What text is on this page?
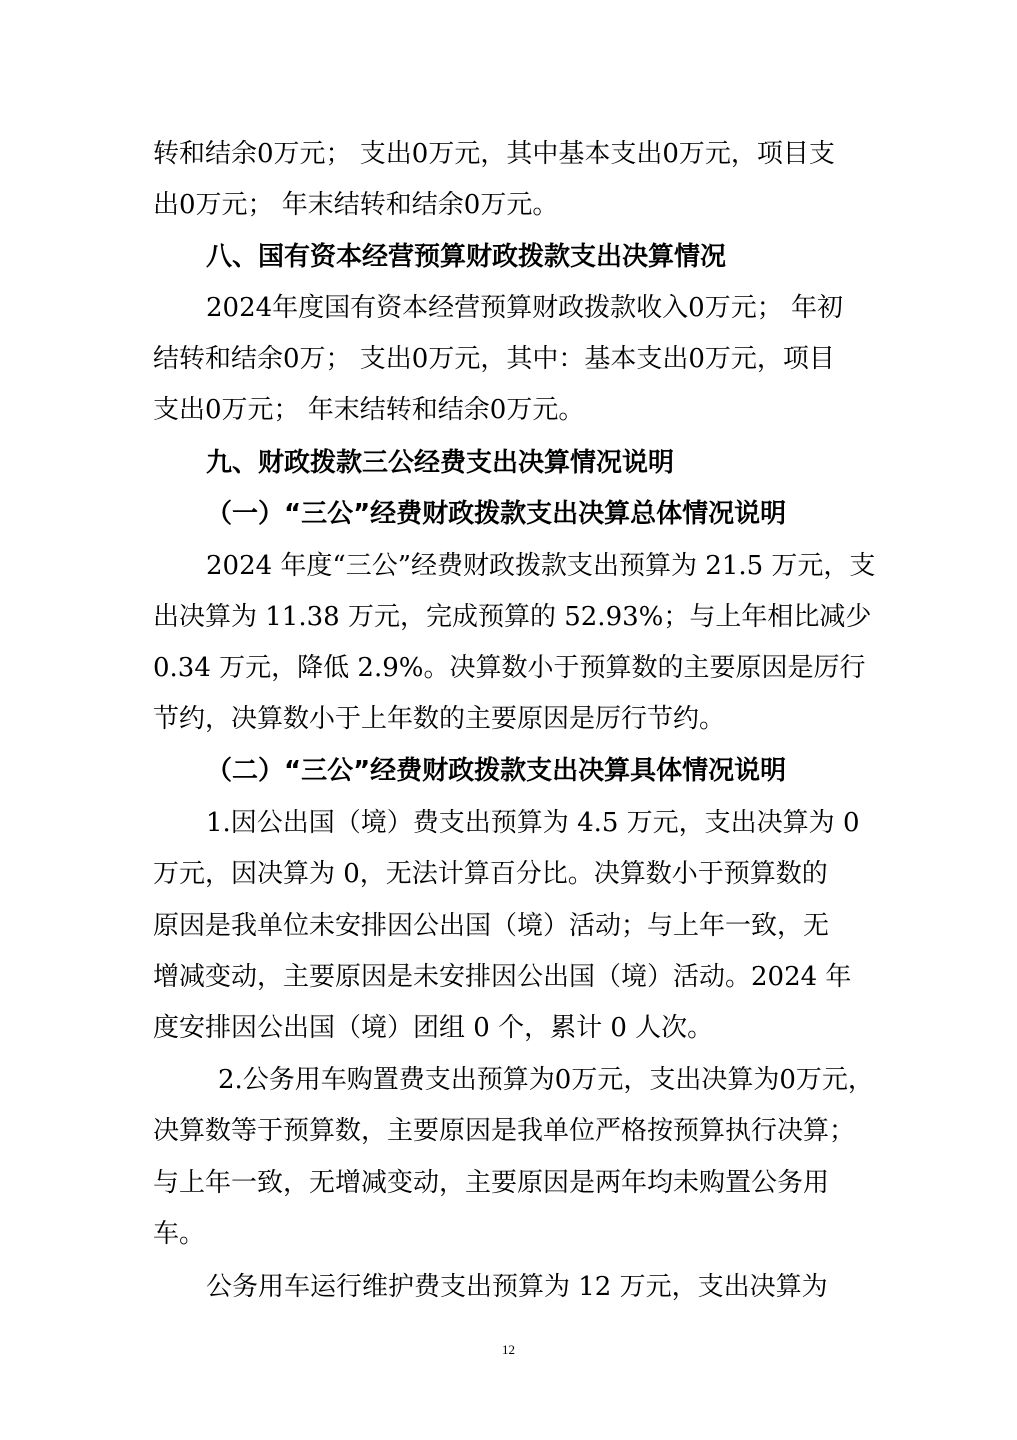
转和结余0万元； 支出0万元，其中基本支出0万元，项目支
出0万元； 年末结转和结余0万元。
八、国有资本经营预算财政拨款支出决算情况
2024年度国有资本经营预算财政拨款收入0万元； 年初
结转和结余0万； 支出0万元，其中：基本支出0万元，项目
支出0万元； 年末结转和结余0万元。
九、财政拨款三公经费支出决算情况说明
（一）“三公”经费财政拨款支出决算总体情况说明
2024 年度“三公”经费财政拨款支出预算为 21.5 万元，支
出决算为 11.38 万元，完成预算的 52.93%；与上年相比减少
0.34 万元，降低 2.9%。决算数小于预算数的主要原因是厉行
节约，决算数小于上年数的主要原因是厉行节约。
（二）“三公”经费财政拨款支出决算具体情况说明
1.因公出国（境）费支出预算为 4.5 万元，支出决算为 0
万元，因决算为 0，无法计算百分比。决算数小于预算数的
原因是我单位未安排因公出国（境）活动；与上年一致，无
增减变动，主要原因是未安排因公出国（境）活动。2024 年
度安排因公出国（境）团组 0 个，累计 0 人次。
2.公务用车购置费支出预算为0万元，支出决算为0万元，
决算数等于预算数，主要原因是我单位严格按预算执行决算；
与上年一致，无增减变动，主要原因是两年均未购置公务用
车。
公务用车运行维护费支出预算为 12 万元，支出决算为
12
